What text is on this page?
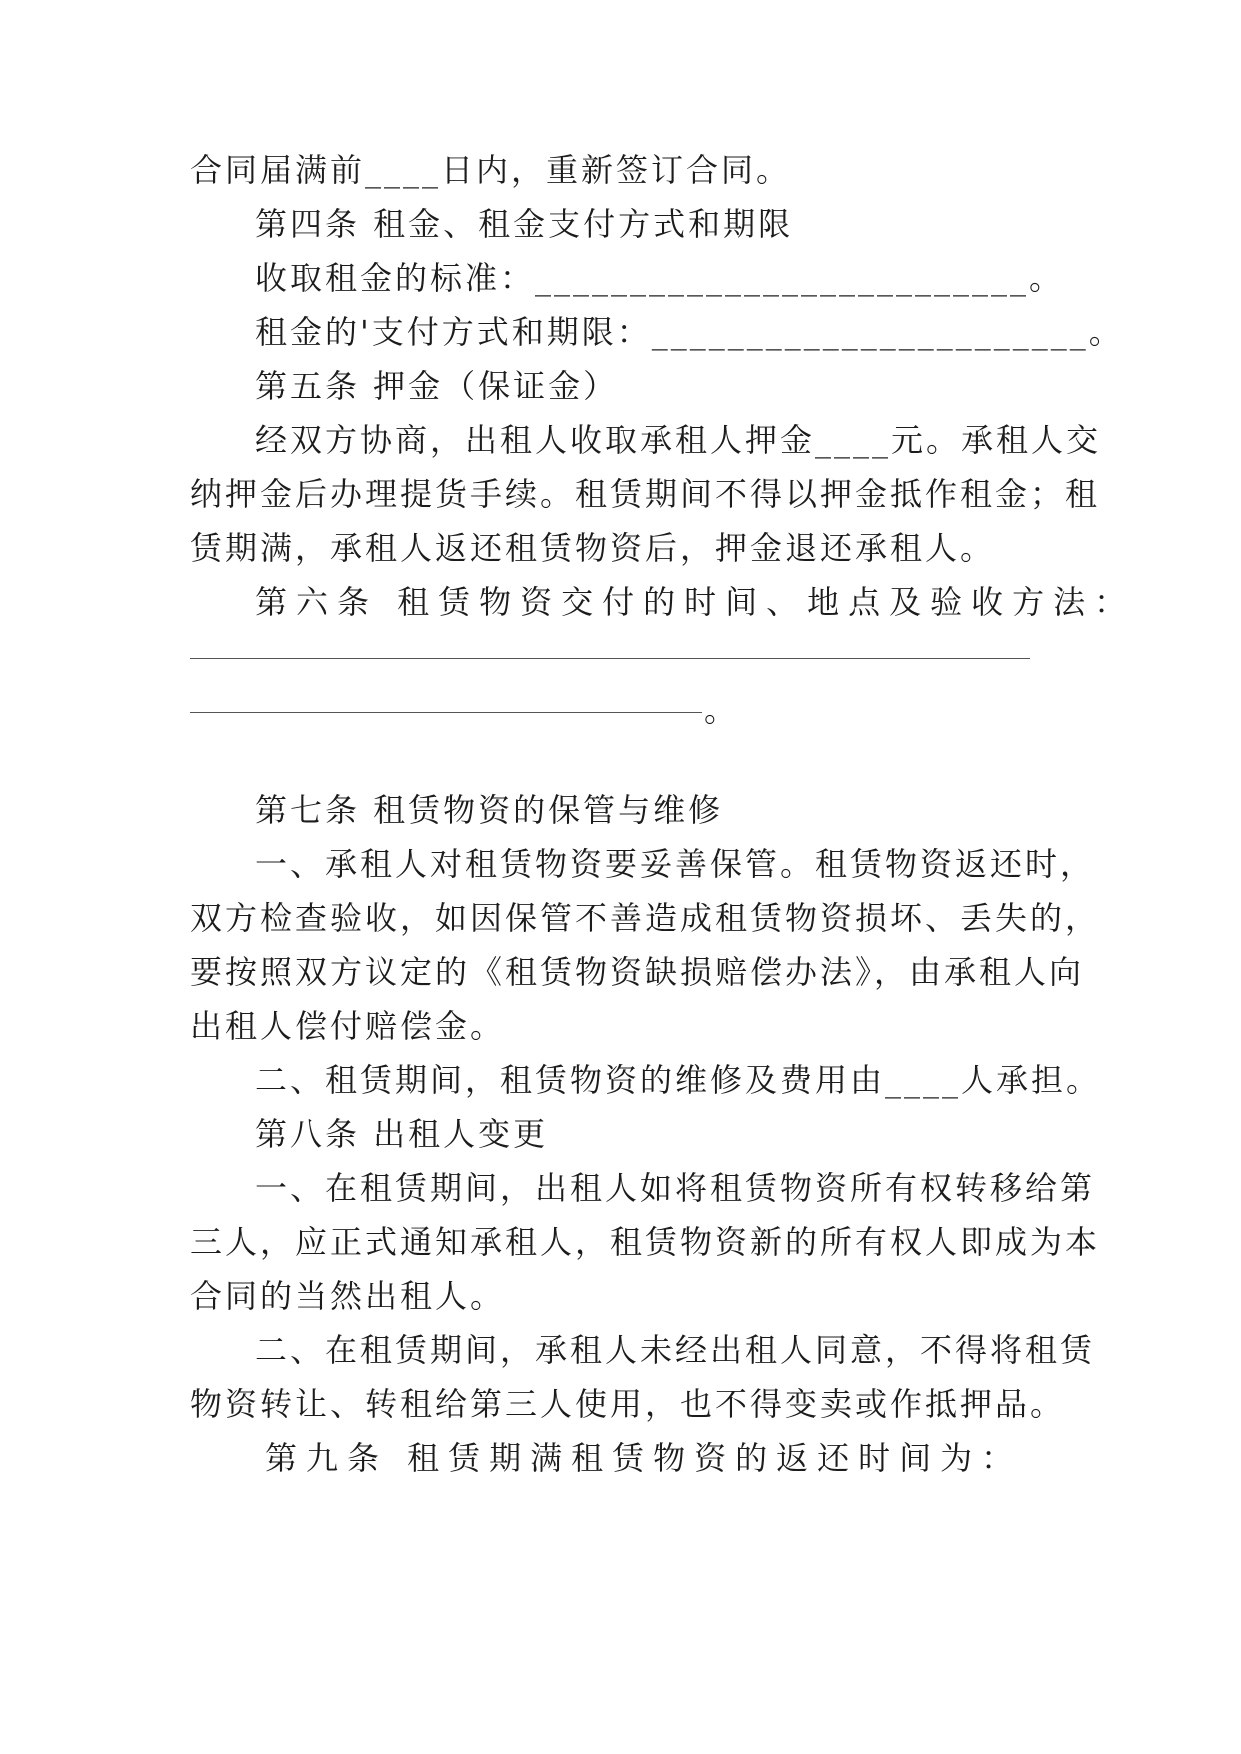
合同届满前____日内，重新签订合同。
第四条 租金、租金支付方式和期限
收取租金的标准：__________________________。
租金的'支付方式和期限：_______________________。
第五条 押金（保证金）
经双方协商，出租人收取承租人押金____元。承租人交
纳押金后办理提货手续。租赁期间不得以押金抵作租金；租
赁期满，承租人返还租赁物资后，押金退还承租人。
第六条 租赁物资交付的时间、地点及验收方法：
。
第七条 租赁物资的保管与维修
一、承租人对租赁物资要妥善保管。租赁物资返还时，
双方检查验收，如因保管不善造成租赁物资损坏、丢失的，
要按照双方议定的《租赁物资缺损赔偿办法》，由承租人向
出租人偿付赔偿金。
二、租赁期间，租赁物资的维修及费用由____人承担。
第八条 出租人变更
一、在租赁期间，出租人如将租赁物资所有权转移给第
三人，应正式通知承租人，租赁物资新的所有权人即成为本
合同的当然出租人。
二、在租赁期间，承租人未经出租人同意，不得将租赁
物资转让、转租给第三人使用，也不得变卖或作抵押品。
第九条 租赁期满租赁物资的返还时间为：
